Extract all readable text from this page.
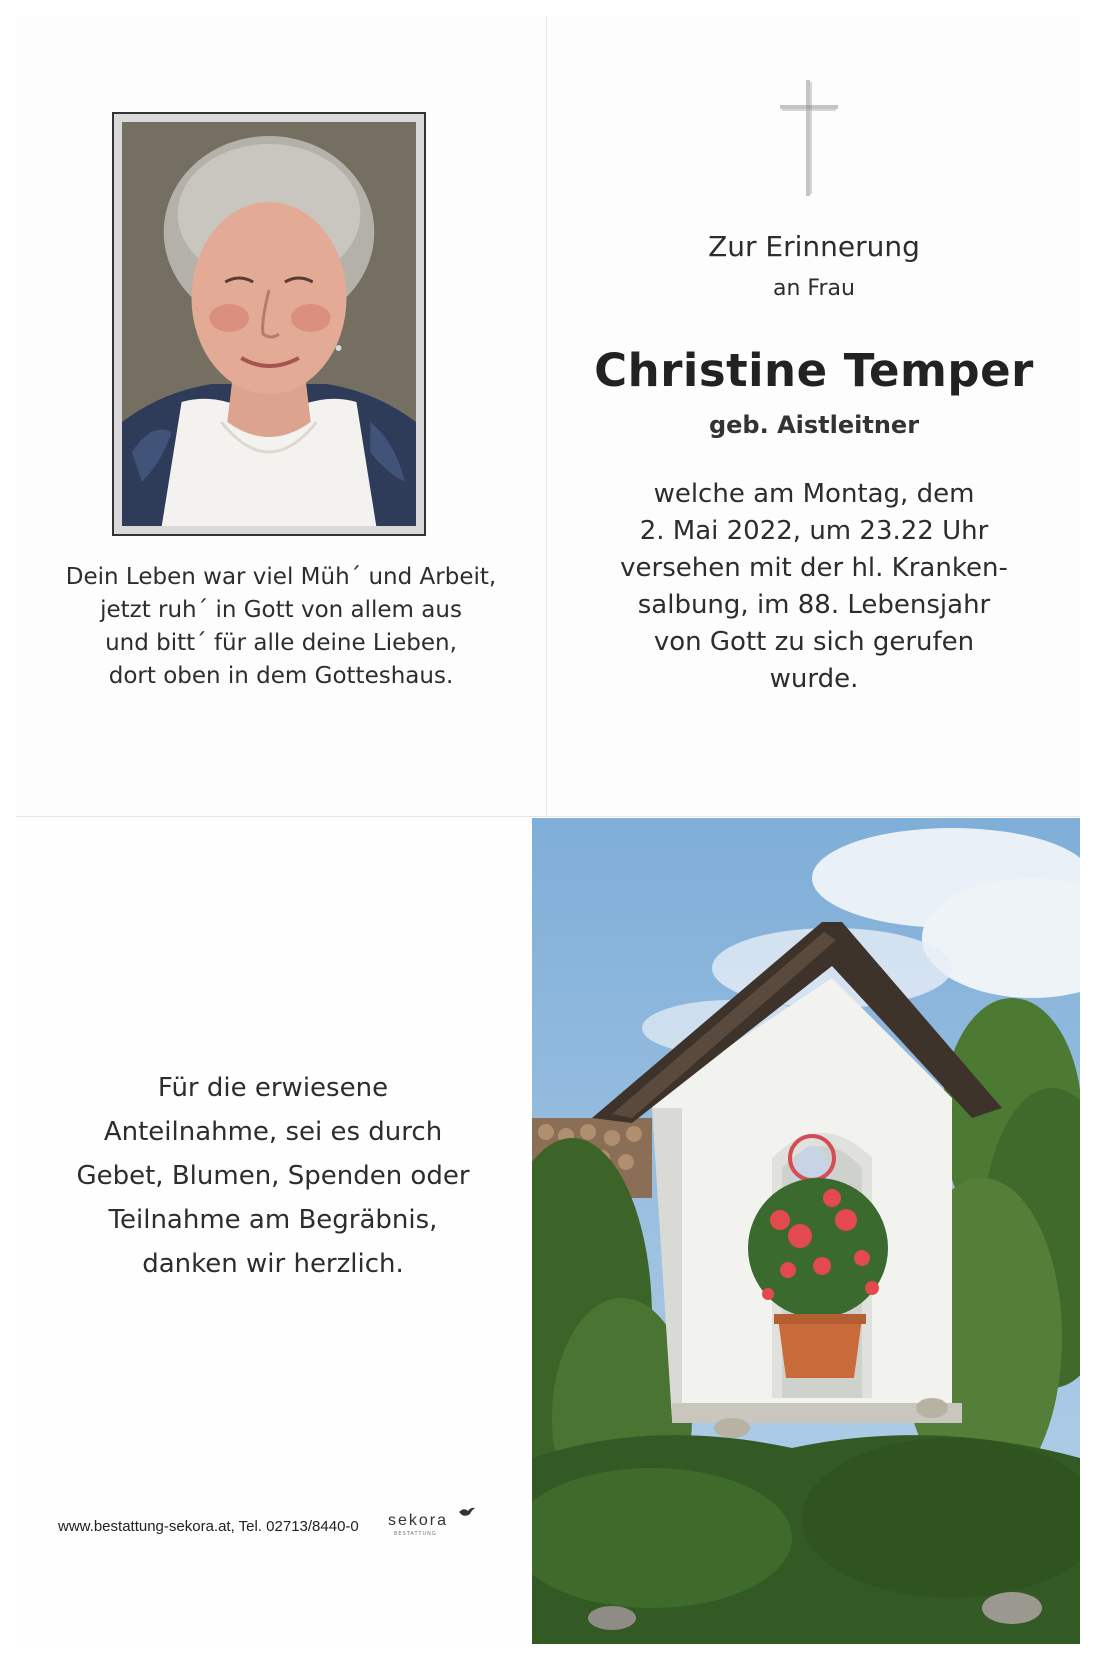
Dein Leben war viel Müh´ und Arbeit,
jetzt ruh´ in Gott von allem aus
und bitt´ für alle deine Lieben,
dort oben in dem Gotteshaus.
Zur Erinnerung
an Frau
Christine Temper
geb. Aistleitner
welche am Montag, dem
2. Mai 2022, um 23.22 Uhr
versehen mit der hl. Kranken-
salbung, im 88. Lebensjahr
von Gott zu sich gerufen
wurde.
Für die erwiesene
Anteilnahme, sei es durch
Gebet, Blumen, Spenden oder
Teilnahme am Begräbnis,
danken wir herzlich.
www.bestattung-sekora.at, Tel. 02713/8440-0	sekora
BESTATTUNG
